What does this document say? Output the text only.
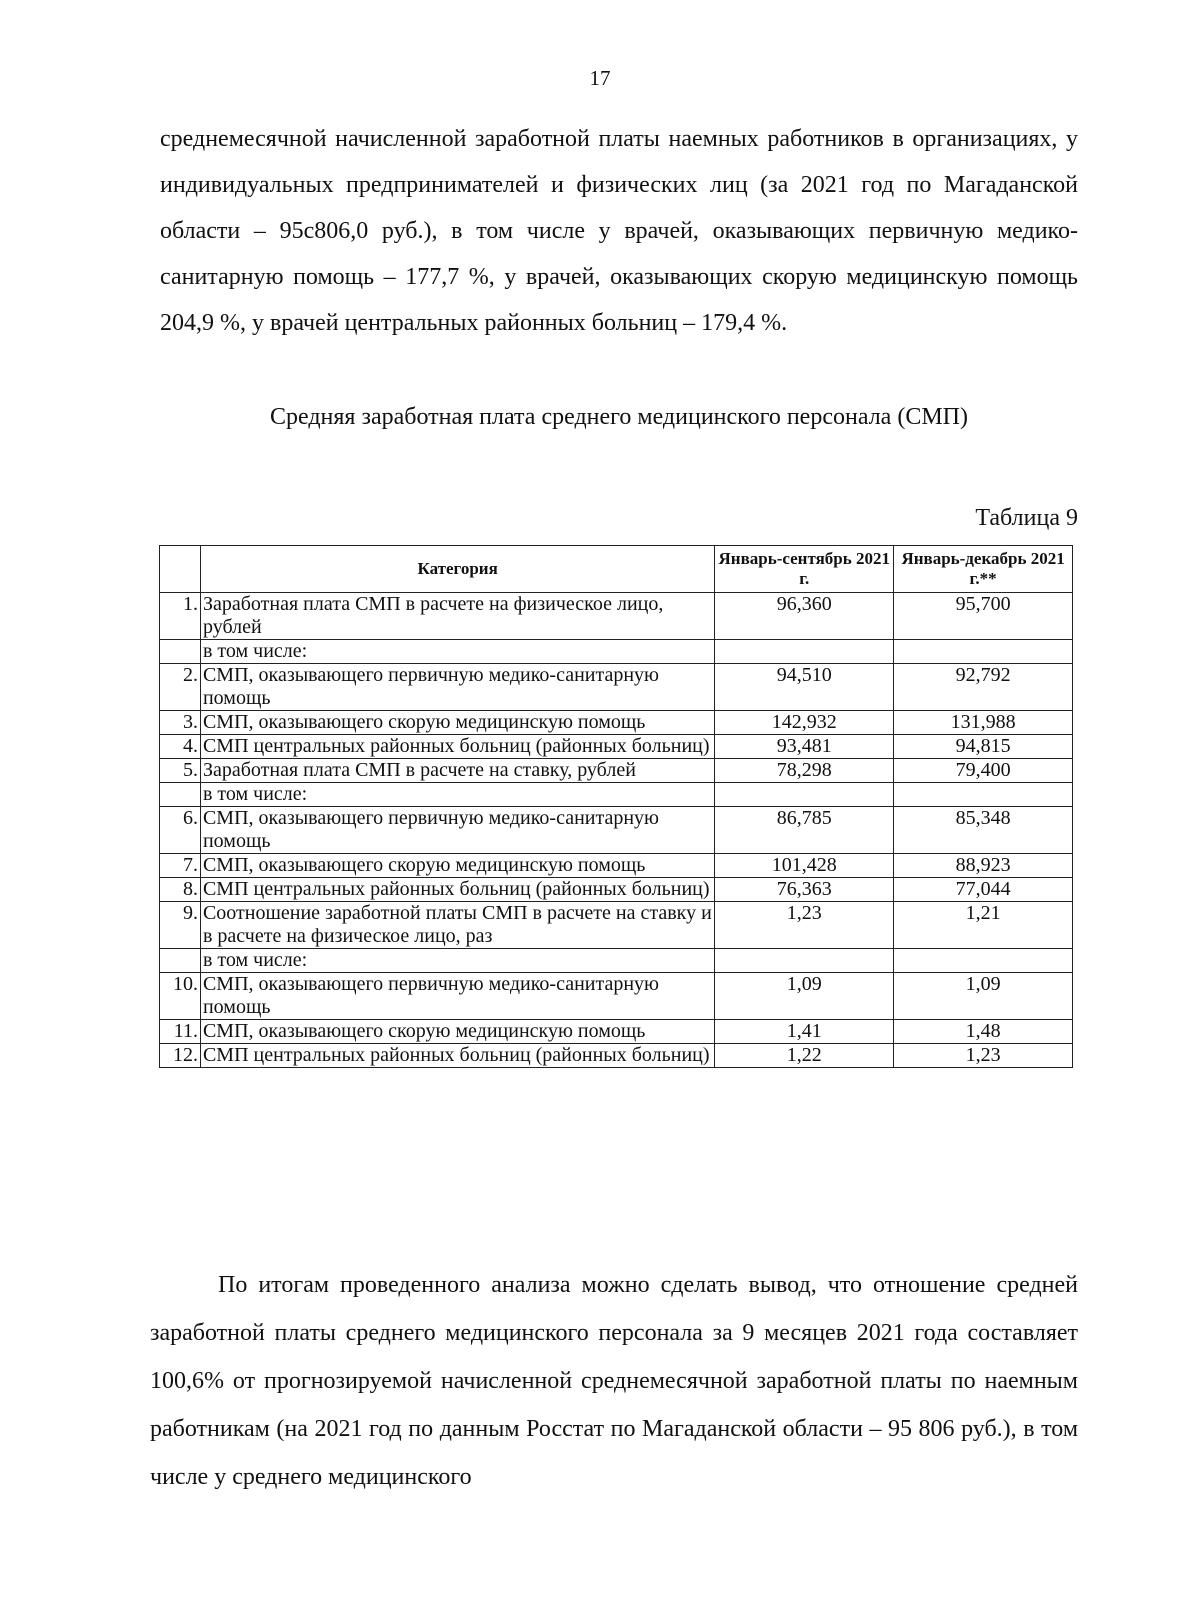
17
среднемесячной начисленной заработной платы наемных работников в организациях, у индивидуальных предпринимателей и физических лиц (за 2021 год по Магаданской области – 95с806,0 руб.), в том числе у врачей, оказывающих первичную медико-санитарную помощь – 177,7 %, у врачей, оказывающих скорую медицинскую помощь 204,9 %, у врачей центральных районных больниц – 179,4 %.
Средняя заработная плата среднего медицинского персонала (СМП)
Таблица 9
	Категория	Январь-сентябрь 2021 г.	Январь-декабрь 2021 г.**
1.	Заработная плата СМП в расчете на физическое лицо, рублей	96,360	95,700
	в том числе:		
2.	СМП, оказывающего первичную медико-санитарную помощь	94,510	92,792
3.	СМП, оказывающего скорую медицинскую помощь	142,932	131,988
4.	СМП центральных районных больниц (районных больниц)	93,481	94,815
5.	Заработная плата СМП в расчете на ставку, рублей	78,298	79,400
	в том числе:		
6.	СМП, оказывающего первичную медико-санитарную помощь	86,785	85,348
7.	СМП, оказывающего скорую медицинскую помощь	101,428	88,923
8.	СМП центральных районных больниц (районных больниц)	76,363	77,044
9.	Соотношение заработной платы СМП в расчете на ставку и в расчете на физическое лицо, раз	1,23	1,21
	в том числе:		
10.	СМП, оказывающего первичную медико-санитарную помощь	1,09	1,09
11.	СМП, оказывающего скорую медицинскую помощь	1,41	1,48
12.	СМП центральных районных больниц (районных больниц)	1,22	1,23
По итогам проведенного анализа можно сделать вывод, что отношение средней заработной платы среднего медицинского персонала за 9 месяцев 2021 года составляет 100,6% от прогнозируемой начисленной среднемесячной заработной платы по наемным работникам (на 2021 год по данным Росстат по Магаданской области – 95 806 руб.), в том числе у среднего медицинского
